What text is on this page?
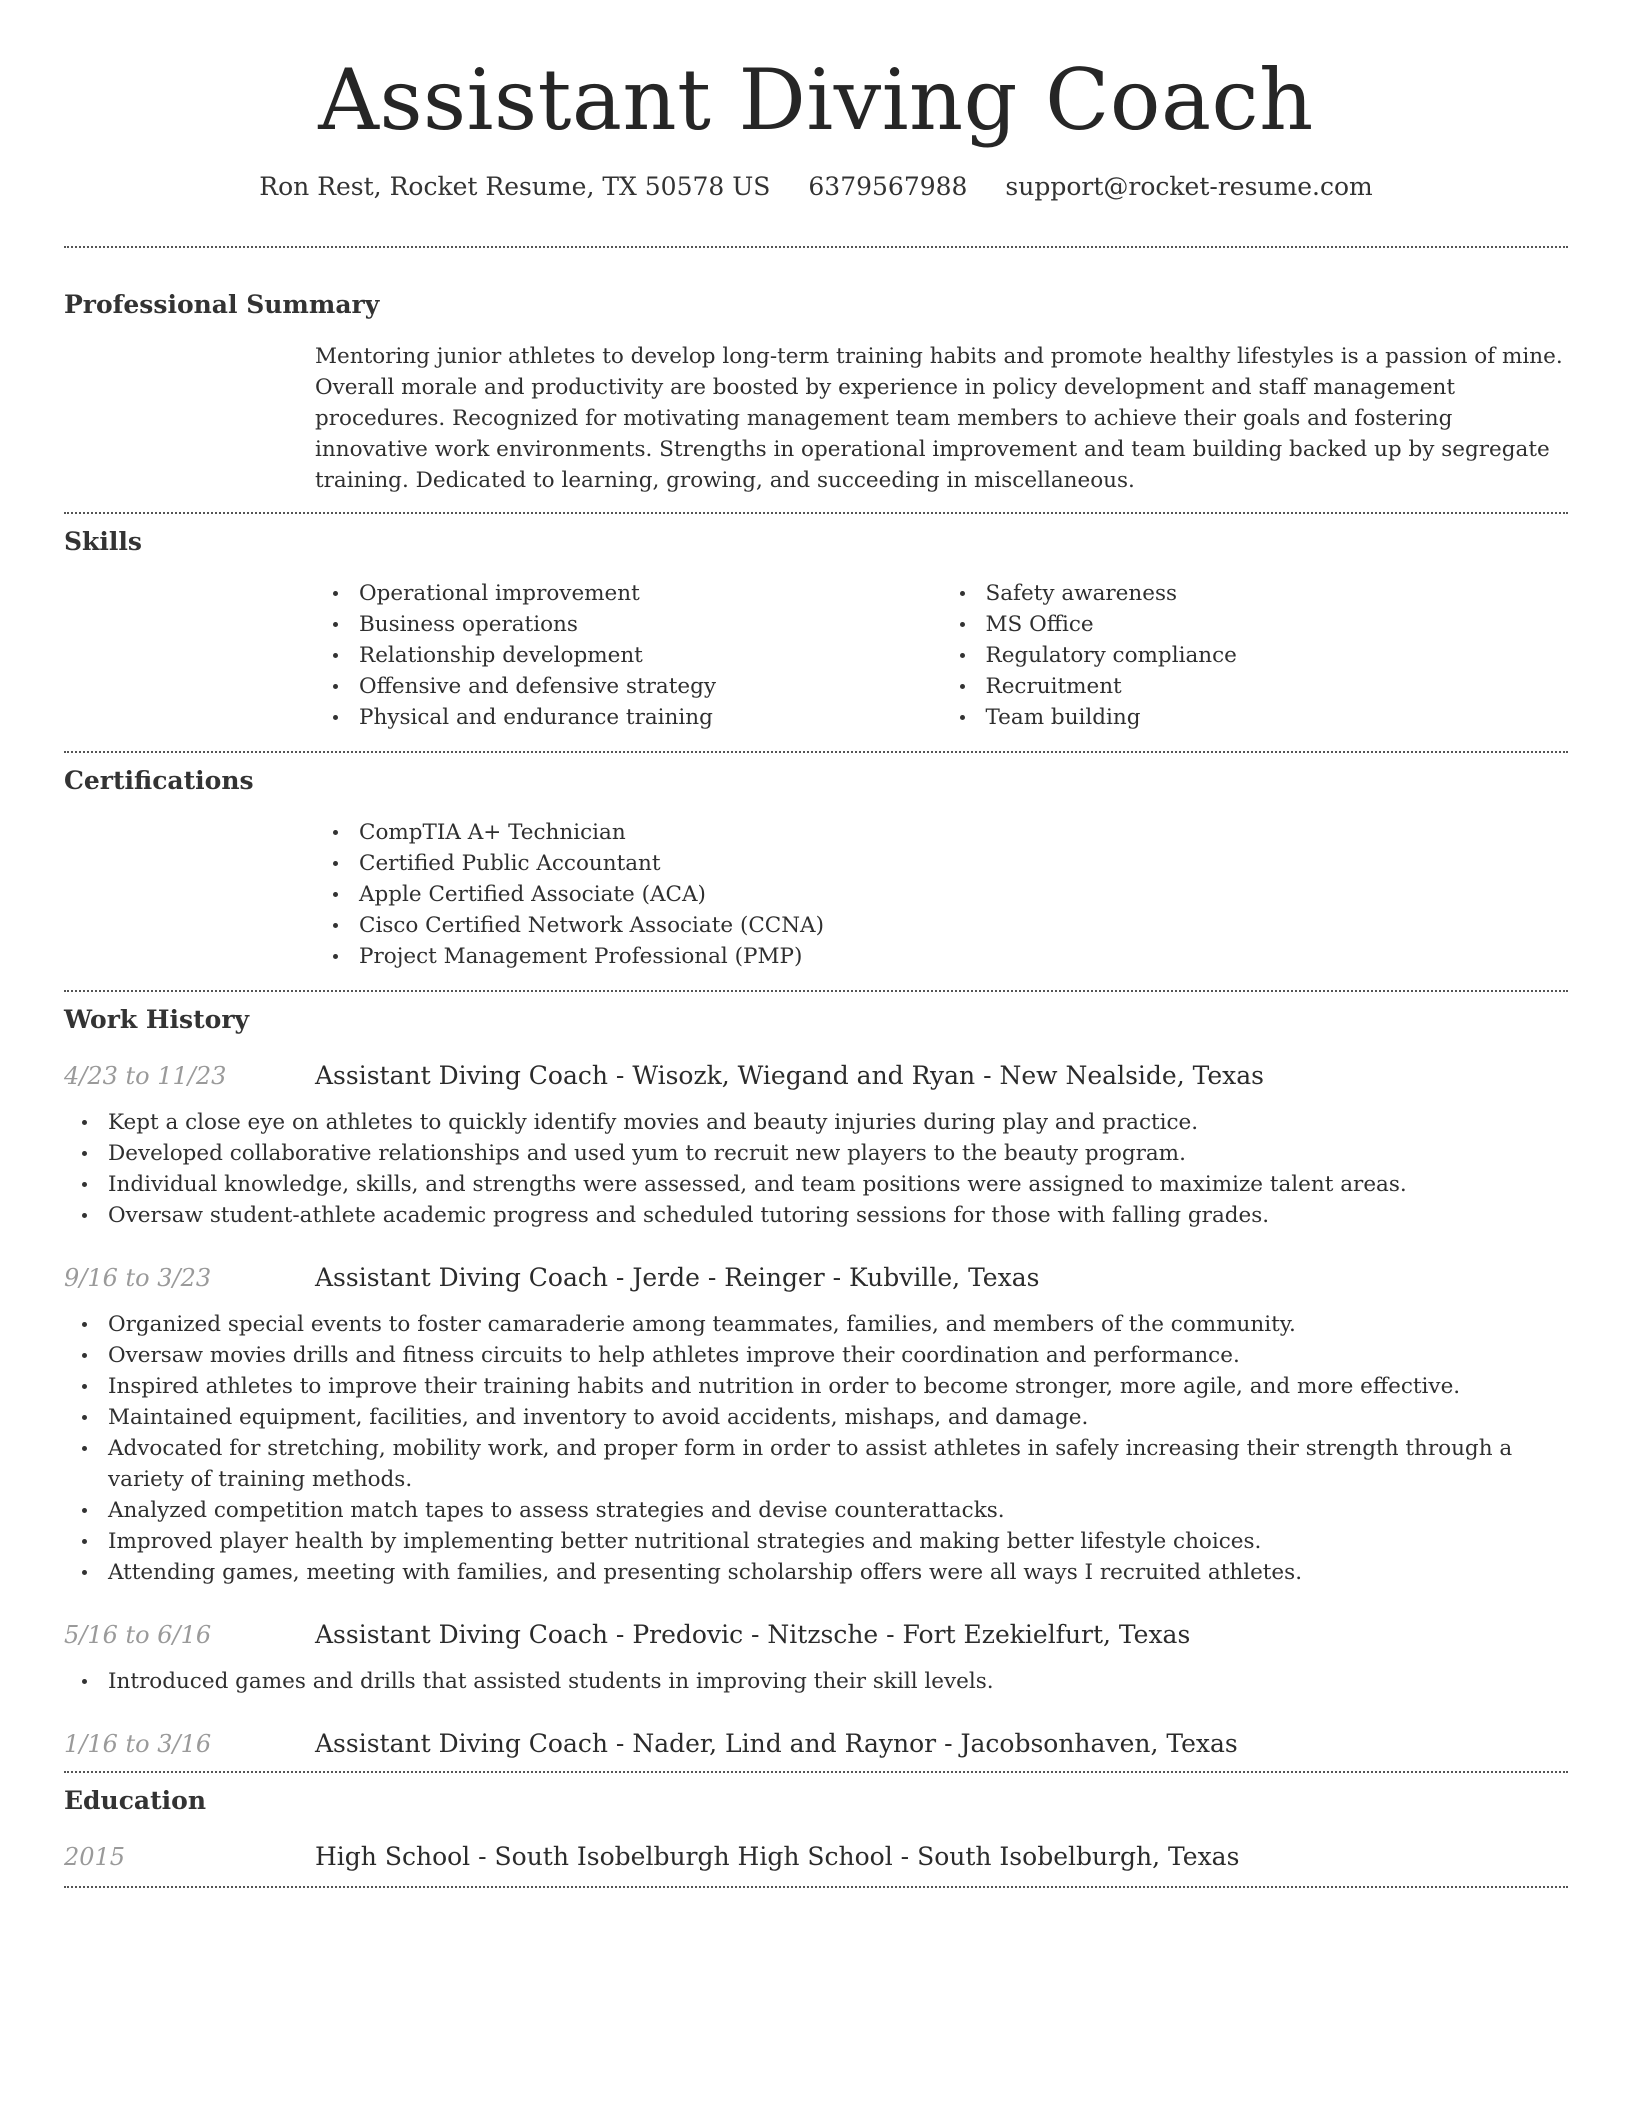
Assistant Diving Coach
Ron Rest, Rocket Resume, TX 50578 US 6379567988 support@rocket-resume.com
Professional Summary
Mentoring junior athletes to develop long-term training habits and promote healthy lifestyles is a passion of mine. Overall morale and productivity are boosted by experience in policy development and staff management procedures. Recognized for motivating management team members to achieve their goals and fostering innovative work environments. Strengths in operational improvement and team building backed up by segregate training. Dedicated to learning, growing, and succeeding in miscellaneous.
Skills
Operational improvement
Business operations
Relationship development
Offensive and defensive strategy
Physical and endurance training
Safety awareness
MS Office
Regulatory compliance
Recruitment
Team building
Certifications
CompTIA A+ Technician
Certified Public Accountant
Apple Certified Associate (ACA)
Cisco Certified Network Associate (CCNA)
Project Management Professional (PMP)
Work History
4/23 to 11/23	Assistant Diving Coach - Wisozk, Wiegand and Ryan - New Nealside, Texas
Kept a close eye on athletes to quickly identify movies and beauty injuries during play and practice.
Developed collaborative relationships and used yum to recruit new players to the beauty program.
Individual knowledge, skills, and strengths were assessed, and team positions were assigned to maximize talent areas.
Oversaw student-athlete academic progress and scheduled tutoring sessions for those with falling grades.
9/16 to 3/23	Assistant Diving Coach - Jerde - Reinger - Kubville, Texas
Organized special events to foster camaraderie among teammates, families, and members of the community.
Oversaw movies drills and fitness circuits to help athletes improve their coordination and performance.
Inspired athletes to improve their training habits and nutrition in order to become stronger, more agile, and more effective.
Maintained equipment, facilities, and inventory to avoid accidents, mishaps, and damage.
Advocated for stretching, mobility work, and proper form in order to assist athletes in safely increasing their strength through a variety of training methods.
Analyzed competition match tapes to assess strategies and devise counterattacks.
Improved player health by implementing better nutritional strategies and making better lifestyle choices.
Attending games, meeting with families, and presenting scholarship offers were all ways I recruited athletes.
5/16 to 6/16	Assistant Diving Coach - Predovic - Nitzsche - Fort Ezekielfurt, Texas
Introduced games and drills that assisted students in improving their skill levels.
1/16 to 3/16	Assistant Diving Coach - Nader, Lind and Raynor - Jacobsonhaven, Texas
Education
2015	High School - South Isobelburgh High School - South Isobelburgh, Texas
